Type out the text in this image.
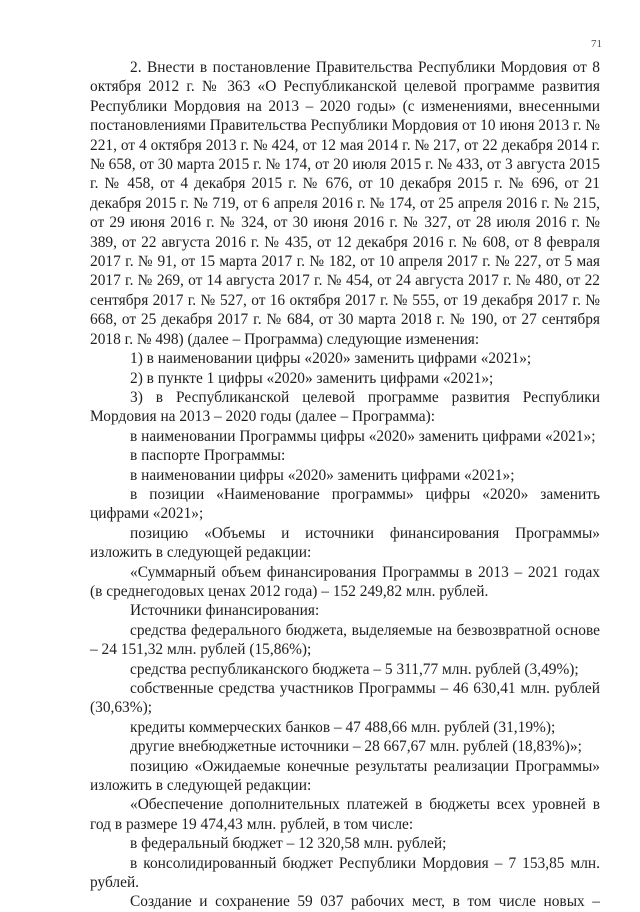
71

2. Внести в постановление Правительства Республики Мордовия от 8 октября 2012 г. № 363 «О Республиканской целевой программе развития Республики Мордовия на 2013 – 2020 годы» (с изменениями, внесенными постановлениями Правительства Республики Мордовия от 10 июня 2013 г. № 221, от 4 октября 2013 г. № 424, от 12 мая 2014 г. № 217, от 22 декабря 2014 г. № 658, от 30 марта 2015 г. № 174, от 20 июля 2015 г. № 433, от 3 августа 2015 г. № 458, от 4 декабря 2015 г. № 676, от 10 декабря 2015 г. № 696, от 21 декабря 2015 г. № 719, от 6 апреля 2016 г. № 174, от 25 апреля 2016 г. № 215, от 29 июня 2016 г. № 324, от 30 июня 2016 г. № 327, от 28 июля 2016 г. № 389, от 22 августа 2016 г. № 435, от 12 декабря 2016 г. № 608, от 8 февраля 2017 г. № 91, от 15 марта 2017 г. № 182, от 10 апреля 2017 г. № 227, от 5 мая 2017 г. № 269, от 14 августа 2017 г. № 454, от 24 августа 2017 г. № 480, от 22 сентября 2017 г. № 527, от 16 октября 2017 г. № 555, от 19 декабря 2017 г. № 668, от 25 декабря 2017 г. № 684, от 30 марта 2018 г. № 190, от 27 сентября 2018 г. № 498) (далее – Программа) следующие изменения:

1) в наименовании цифры «2020» заменить цифрами «2021»;

2) в пункте 1 цифры «2020» заменить цифрами «2021»;

3) в Республиканской целевой программе развития Республики Мордовия на 2013 – 2020 годы (далее – Программа):

в наименовании Программы цифры «2020» заменить цифрами «2021»;

в паспорте Программы:

в наименовании цифры «2020» заменить цифрами «2021»;

в позиции «Наименование программы» цифры «2020» заменить цифрами «2021»;

позицию «Объемы и источники финансирования Программы» изложить в следующей редакции:

«Суммарный объем финансирования Программы в 2013 – 2021 годах (в среднегодовых ценах 2012 года) – 152 249,82 млн. рублей.

Источники финансирования:

средства федерального бюджета, выделяемые на безвозвратной основе – 24 151,32 млн. рублей (15,86%);

средства республиканского бюджета – 5 311,77 млн. рублей (3,49%);

собственные средства участников Программы – 46 630,41 млн. рублей (30,63%);

кредиты коммерческих банков – 47 488,66 млн. рублей (31,19%);

другие внебюджетные источники – 28 667,67 млн. рублей (18,83%)»;

позицию «Ожидаемые конечные результаты реализации Программы» изложить в следующей редакции:

«Обеспечение дополнительных платежей в бюджеты всех уровней в год в размере 19 474,43 млн. рублей, в том числе:

в федеральный бюджет – 12 320,58 млн. рублей;

в консолидированный бюджет Республики Мордовия – 7 153,85 млн. рублей.

Создание и сохранение 59 037 рабочих мест, в том числе новых –
